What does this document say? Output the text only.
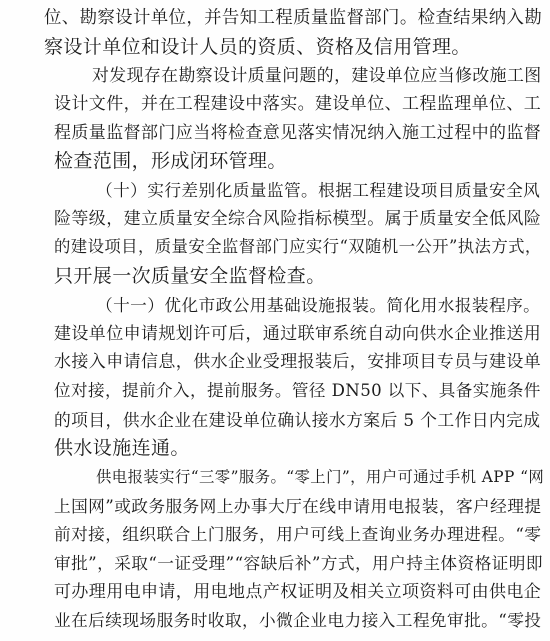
位、勘察设计单位，并告知工程质量监督部门。检查结果纳入勘
察设计单位和设计人员的资质、资格及信用管理。
对发现存在勘察设计质量问题的，建设单位应当修改施工图
设计文件，并在工程建设中落实。建设单位、工程监理单位、工
程质量监督部门应当将检查意见落实情况纳入施工过程中的监督
检查范围，形成闭环管理。
（十）实行差别化质量监管。根据工程建设项目质量安全风
险等级，建立质量安全综合风险指标模型。属于质量安全低风险
的建设项目，质量安全监督部门应实行“双随机一公开”执法方式，
只开展一次质量安全监督检查。
（十一）优化市政公用基础设施报装。简化用水报装程序。
建设单位申请规划许可后，通过联审系统自动向供水企业推送用
水接入申请信息，供水企业受理报装后，安排项目专员与建设单
位对接，提前介入，提前服务。管径 DN50 以下、具备实施条件
的项目，供水企业在建设单位确认接水方案后 5 个工作日内完成
供水设施连通。
供电报装实行“三零”服务。“零上门”，用户可通过手机 APP “网
上国网”或政务服务网上办事大厅在线申请用电报装，客户经理提
前对接，组织联合上门服务，用户可线上查询业务办理进程。“零
审批”，采取“一证受理”“容缺后补”方式，用户持主体资格证明即
可办理用电申请，用电地点产权证明及相关立项资料可由供电企
业在后续现场服务时收取，小微企业电力接入工程免审批。“零投
